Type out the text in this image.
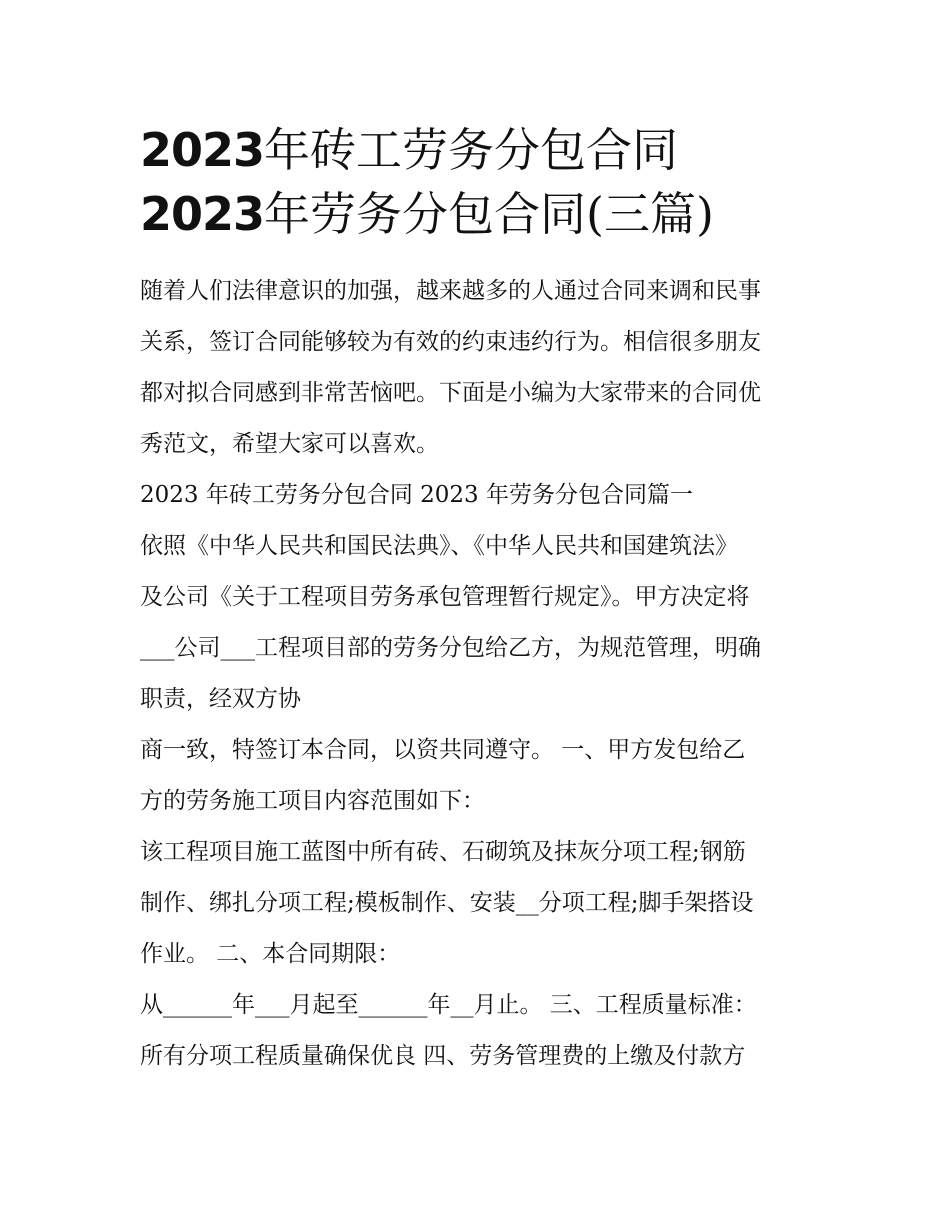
2023年砖工劳务分包合同
2023年劳务分包合同(三篇)
随着人们法律意识的加强，越来越多的人通过合同来调和民事
关系，签订合同能够较为有效的约束违约行为。相信很多朋友
都对拟合同感到非常苦恼吧。下面是小编为大家带来的合同优
秀范文，希望大家可以喜欢。
2023 年砖工劳务分包合同 2023 年劳务分包合同篇一
依照《中华人民共和国民法典》、《中华人民共和国建筑法》
及公司《关于工程项目劳务承包管理暂行规定》。甲方决定将
___公司___工程项目部的劳务分包给乙方，为规范管理，明确
职责，经双方协
商一致，特签订本合同，以资共同遵守。 一、甲方发包给乙
方的劳务施工项目内容范围如下：
该工程项目施工蓝图中所有砖、石砌筑及抹灰分项工程;钢筋
制作、绑扎分项工程;模板制作、安装__分项工程;脚手架搭设
作业。 二、本合同期限：
从______年___月起至______年__月止。 三、工程质量标准：
所有分项工程质量确保优良 四、劳务管理费的上缴及付款方
